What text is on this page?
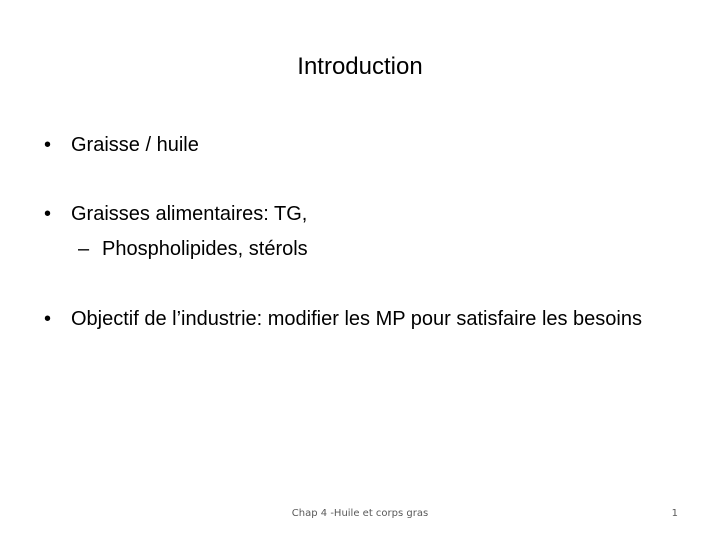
Introduction
• Graisse / huile
• Graisses alimentaires: TG,
– Phospholipides, stérols
• Objectif de l’industrie: modifier les MP pour satisfaire les besoins
Chap 4 -Huile et corps gras	1
